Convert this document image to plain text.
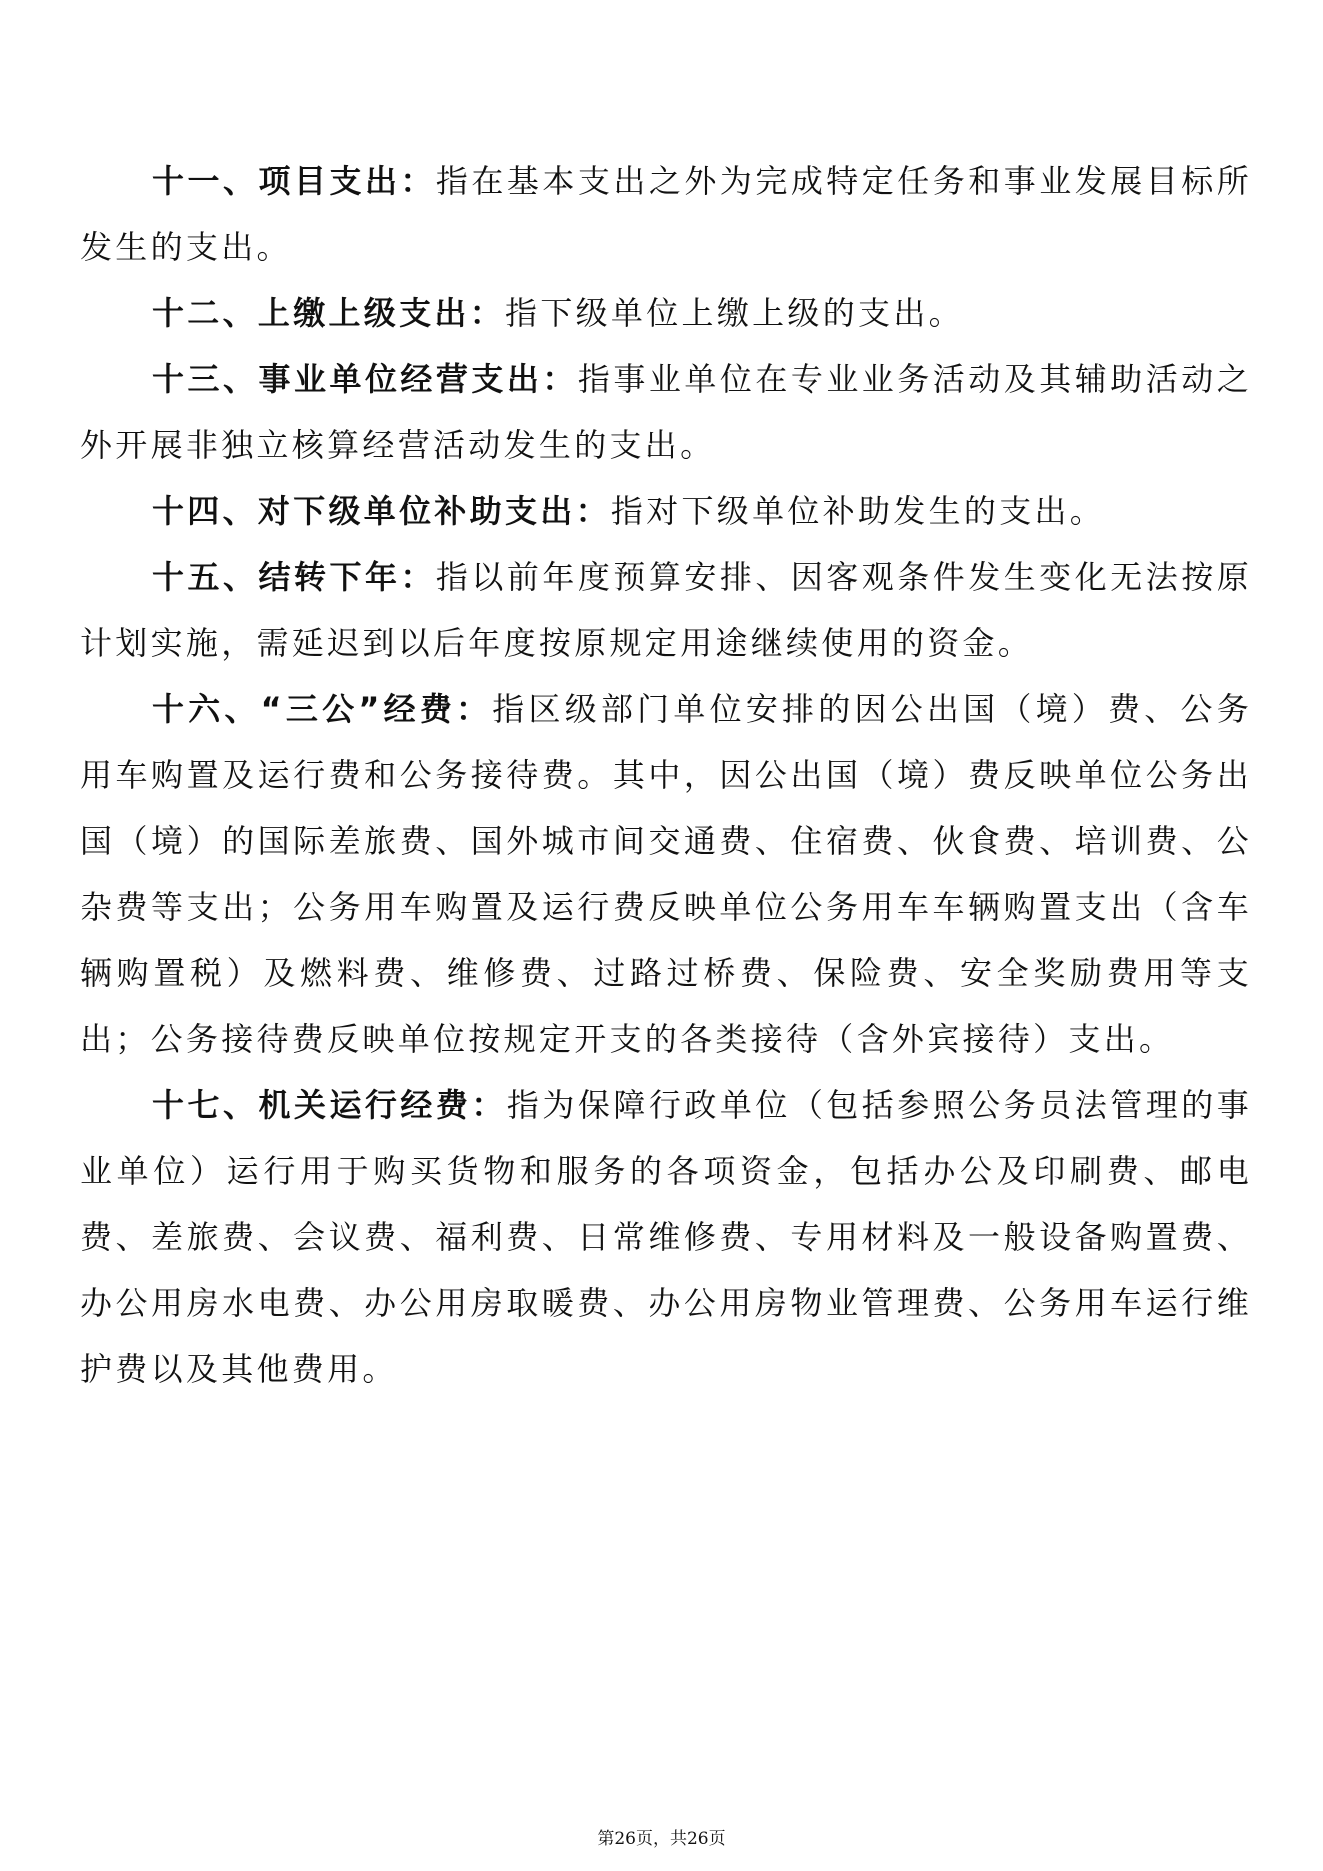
十一、项目支出：指在基本支出之外为完成特定任务和事业发展目标所发生的支出。

十二、上缴上级支出：指下级单位上缴上级的支出。

十三、事业单位经营支出：指事业单位在专业业务活动及其辅助活动之外开展非独立核算经营活动发生的支出。

十四、对下级单位补助支出：指对下级单位补助发生的支出。

十五、结转下年：指以前年度预算安排、因客观条件发生变化无法按原计划实施，需延迟到以后年度按原规定用途继续使用的资金。

十六、“三公”经费：指区级部门单位安排的因公出国（境）费、公务用车购置及运行费和公务接待费。其中，因公出国（境）费反映单位公务出国（境）的国际差旅费、国外城市间交通费、住宿费、伙食费、培训费、公杂费等支出；公务用车购置及运行费反映单位公务用车车辆购置支出（含车辆购置税）及燃料费、维修费、过路过桥费、保险费、安全奖励费用等支出；公务接待费反映单位按规定开支的各类接待（含外宾接待）支出。

十七、机关运行经费：指为保障行政单位（包括参照公务员法管理的事业单位）运行用于购买货物和服务的各项资金，包括办公及印刷费、邮电费、差旅费、会议费、福利费、日常维修费、专用材料及一般设备购置费、办公用房水电费、办公用房取暖费、办公用房物业管理费、公务用车运行维护费以及其他费用。

第26页，共26页
